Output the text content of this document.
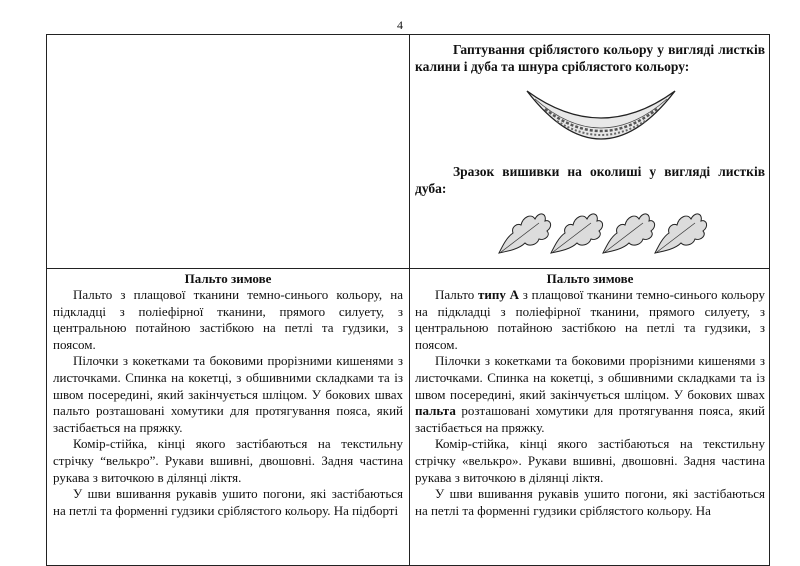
4
Гаптування сріблястого кольору у вигляді листків калини і дуба та шнура сріблястого кольору:
Зразок вишивки на околиші у вигляді листків дуба:
Пальто зимове

Пальто з плащової тканини темно-синього кольору, на підкладці з поліефірної тканини, прямого силуету, з центральною потайною застібкою на петлі та гудзики, з поясом.

Пілочки з кокетками та боковими прорізними кишенями з листочками. Спинка на кокетці, з обшивними складками та із швом посередині, який закінчується шліцом. У бокових швах пальто розташовані хомутики для протягування пояса, який застібається на пряжку.

Комір-стійка, кінці якого застібаються на текстильну стрічку “велькро”. Рукави вшивні, двошовні. Задня частина рукава з виточкою в ділянці ліктя.

У шви вшивання рукавів ушито погони, які застібаються на петлі та форменні гудзики сріблястого кольору. На підборті

Пальто зимове

Пальто типу А з плащової тканини темно-синього кольору на підкладці з поліефірної тканини, прямого силуету, з центральною потайною застібкою на петлі та гудзики, з поясом.

Пілочки з кокетками та боковими прорізними кишенями з листочками. Спинка на кокетці, з обшивними складками та із швом посередині, який закінчується шліцом. У бокових швах пальта розташовані хомутики для протягування пояса, який застібається на пряжку.

Комір-стійка, кінці якого застібаються на текстильну стрічку «велькро». Рукави вшивні, двошовні. Задня частина рукава з виточкою в ділянці ліктя.

У шви вшивання рукавів ушито погони, які застібаються на петлі та форменні гудзики сріблястого кольору. На
